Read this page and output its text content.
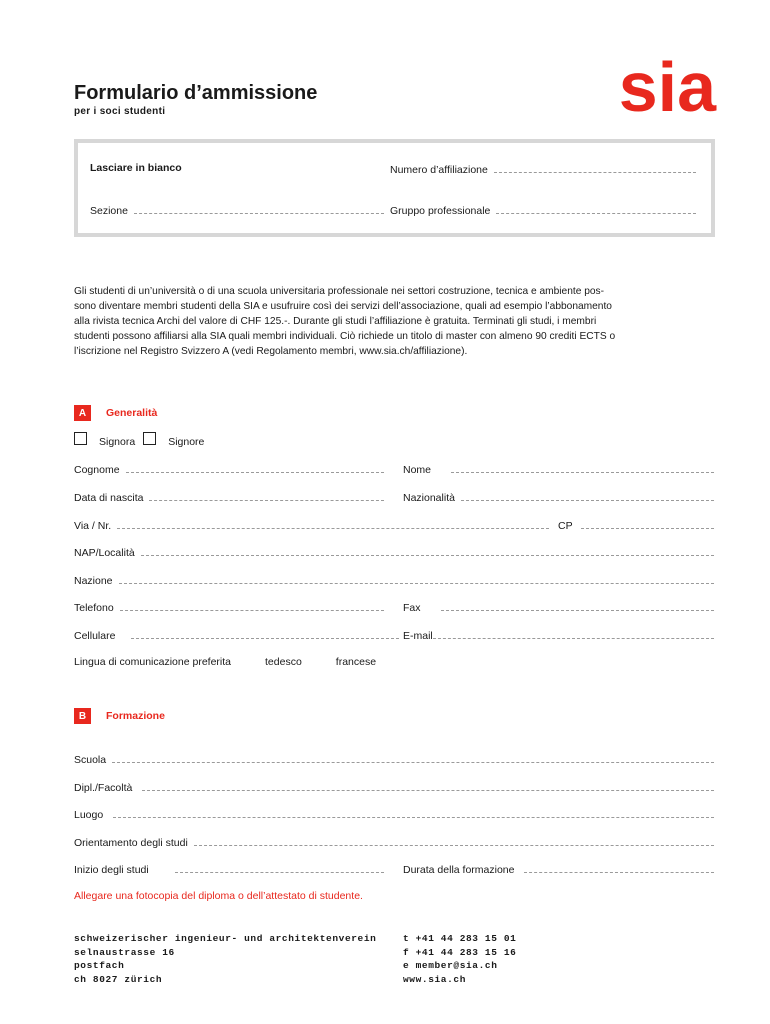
Formulario d’ammissione
per i soci studenti	sia
Lasciare in bianco	Numero d’affiliazione
Sezione	Gruppo professionale

Gli studenti di un’università o di una scuola universitaria professionale nei settori costruzione, tecnica e ambiente pos-

sono diventare membri studenti della SIA e usufruire così dei servizi dell’associazione, quali ad esempio l’abbonamento

alla rivista tecnica Archi del valore di CHF 125.-. Durante gli studi l’affiliazione è gratuita. Terminati gli studi, i membri

studenti possono affiliarsi alla SIA quali membri individuali. Ciò richiede un titolo di master con almeno 90 crediti ECTS o

l’iscrizione nel Registro Svizzero A (vedi Regolamento membri, www.sia.ch/affiliazione).

A	Generalità
Signora	Signore
Cognome	Nome
Data di nascita	Nazionalità
Via / Nr.	CP
NAP/Località
Nazione
Telefono	Fax
Cellulare	E-mail
Lingua di comunicazione preferita	tedesco	francese
B	Formazione
Scuola
Dipl./Facoltà
Luogo
Orientamento degli studi
Inizio degli studi	Durata della formazione
Allegare una fotocopia del diploma o dell’attestato di studente.
schweizerischer ingenieur- und architektenverein
selnaustrasse 16
postfach
ch 8027 zürich
t +41 44 283 15 01
f +41 44 283 15 16
e member@sia.ch
www.sia.ch
